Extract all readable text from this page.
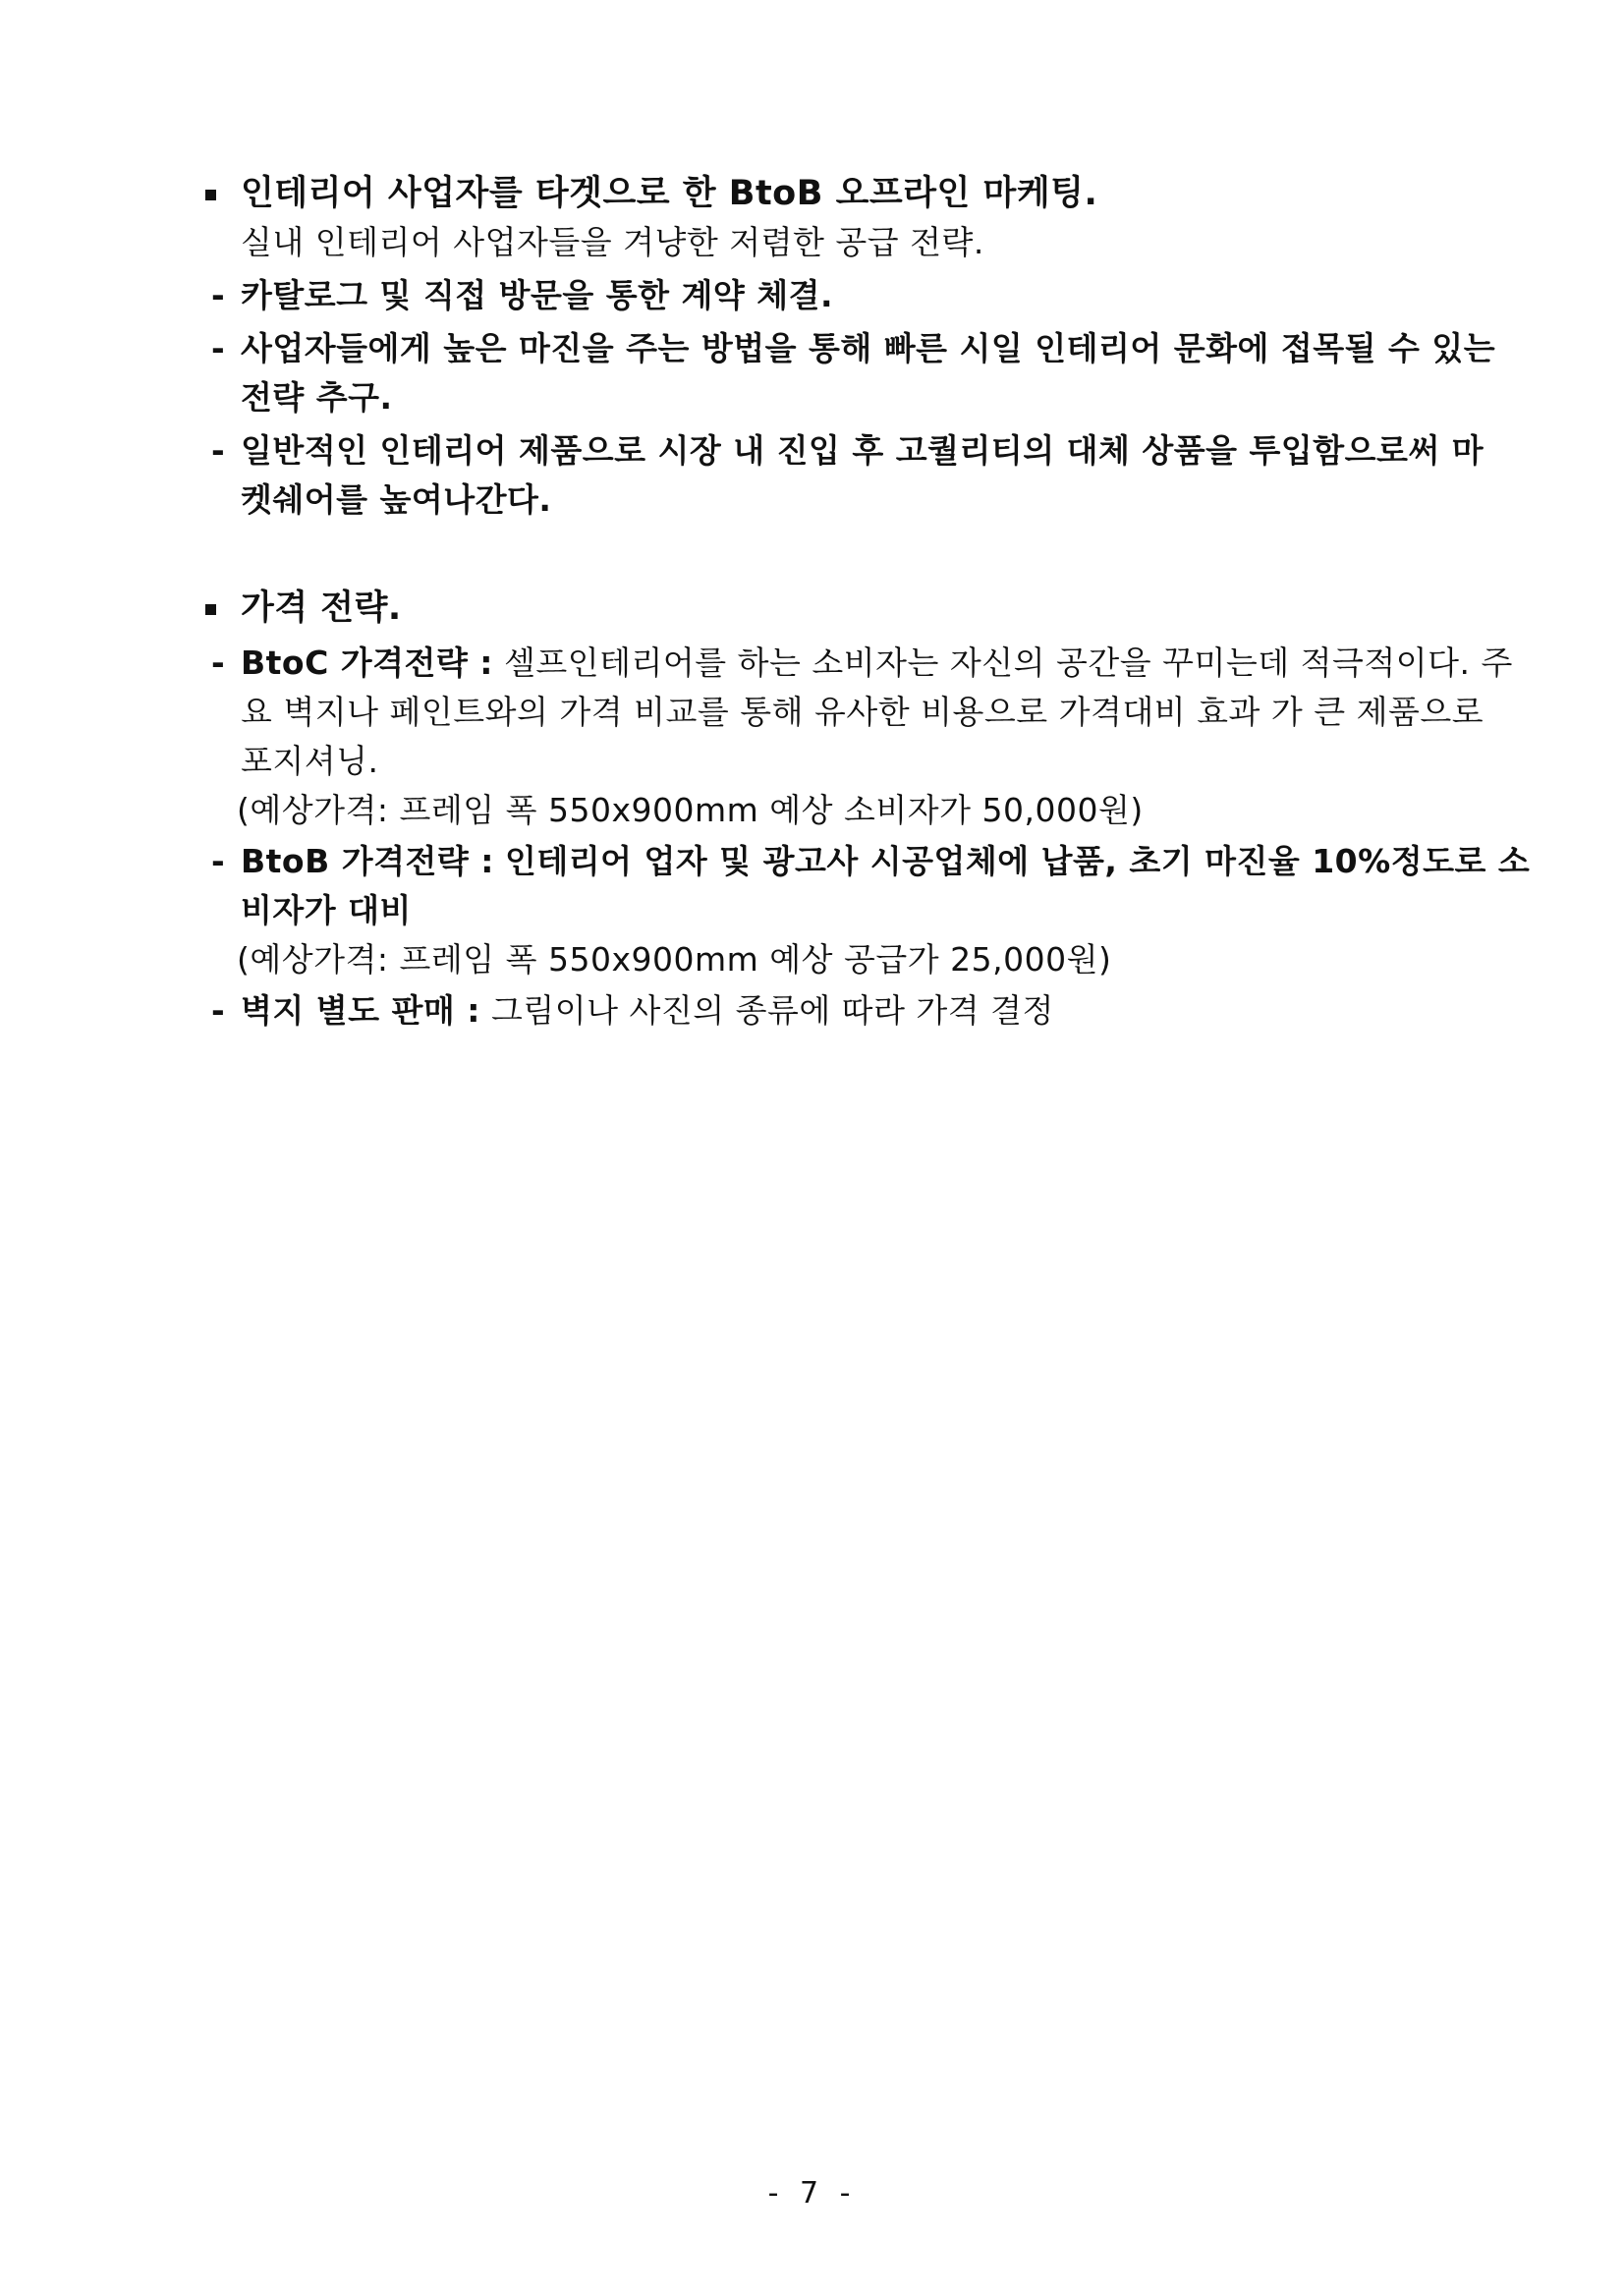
인테리어 사업자를 타겟으로 한 BtoB 오프라인 마케팅.
실내 인테리어 사업자들을 겨냥한 저렴한 공급 전략.
- 카탈로그 및 직접 방문을 통한 계약 체결.
- 사업자들에게 높은 마진을 주는 방법을 통해 빠른 시일 인테리어 문화에 접목될 수 있는
전략 추구.
- 일반적인 인테리어 제품으로 시장 내 진입 후 고퀄리티의 대체 상품을 투입함으로써 마
켓쉐어를 높여나간다.
가격 전략.
- BtoC 가격전략 : 셀프인테리어를 하는 소비자는 자신의 공간을 꾸미는데 적극적이다. 주
요 벽지나 페인트와의 가격 비교를 통해 유사한 비용으로 가격대비 효과 가 큰 제품으로
포지셔닝.
(예상가격: 프레임 폭 550x900mm 예상 소비자가 50,000원)
- BtoB 가격전략 : 인테리어 업자 및 광고사 시공업체에 납품, 초기 마진율 10%정도로 소
비자가 대비
(예상가격: 프레임 폭 550x900mm 예상 공급가 25,000원)
- 벽지 별도 판매 : 그림이나 사진의 종류에 따라 가격 결정
- 7 -
